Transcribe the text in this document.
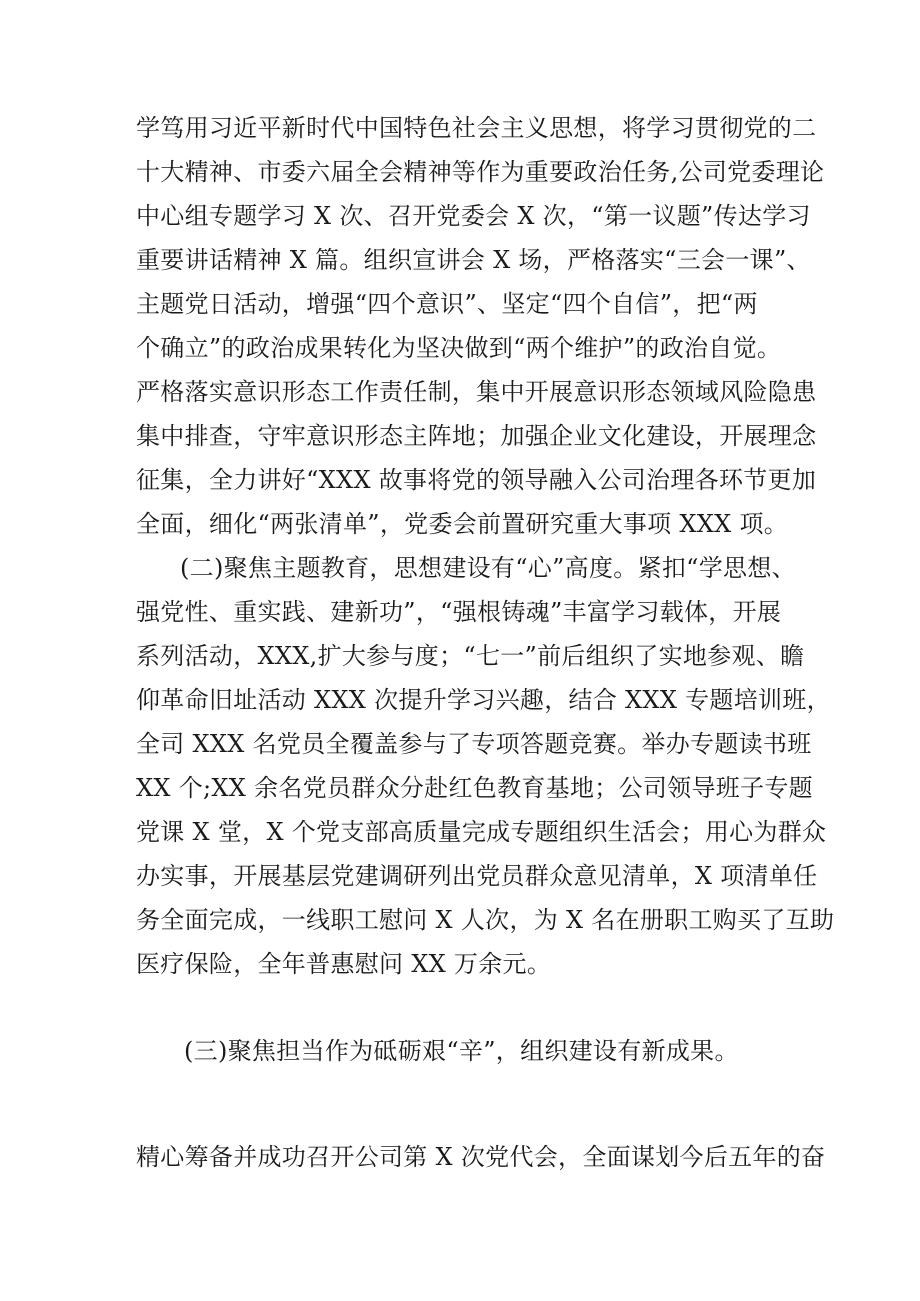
学笃用习近平新时代中国特色社会主义思想，将学习贯彻党的二
十大精神、市委六届全会精神等作为重要政治任务,公司党委理论
中心组专题学习 X 次、召开党委会 X 次，“第一议题”传达学习
重要讲话精神 X 篇。组织宣讲会 X 场，严格落实“三会一课”、
主题党日活动，增强“四个意识”、坚定“四个自信”，把“两
个确立”的政治成果转化为坚决做到“两个维护”的政治自觉。
严格落实意识形态工作责任制，集中开展意识形态领域风险隐患
集中排查，守牢意识形态主阵地；加强企业文化建设，开展理念
征集，全力讲好“XXX 故事将党的领导融入公司治理各环节更加
全面，细化“两张清单”，党委会前置研究重大事项 XXX 项。
(二)聚焦主题教育，思想建设有“心”高度。紧扣“学思想、
强党性、重实践、建新功”，“强根铸魂”丰富学习载体，开展
系列活动，XXX,扩大参与度；“七一”前后组织了实地参观、瞻
仰革命旧址活动 XXX 次提升学习兴趣，结合 XXX 专题培训班，
全司 XXX 名党员全覆盖参与了专项答题竞赛。举办专题读书班
XX 个;XX 余名党员群众分赴红色教育基地；公司领导班子专题
党课 X 堂，X 个党支部高质量完成专题组织生活会；用心为群众
办实事，开展基层党建调研列出党员群众意见清单，X 项清单任
务全面完成，一线职工慰问 X 人次，为 X 名在册职工购买了互助
医疗保险，全年普惠慰问 XX 万余元。
(三)聚焦担当作为砥砺艰“辛”，组织建设有新成果。
精心筹备并成功召开公司第 X 次党代会，全面谋划今后五年的奋
